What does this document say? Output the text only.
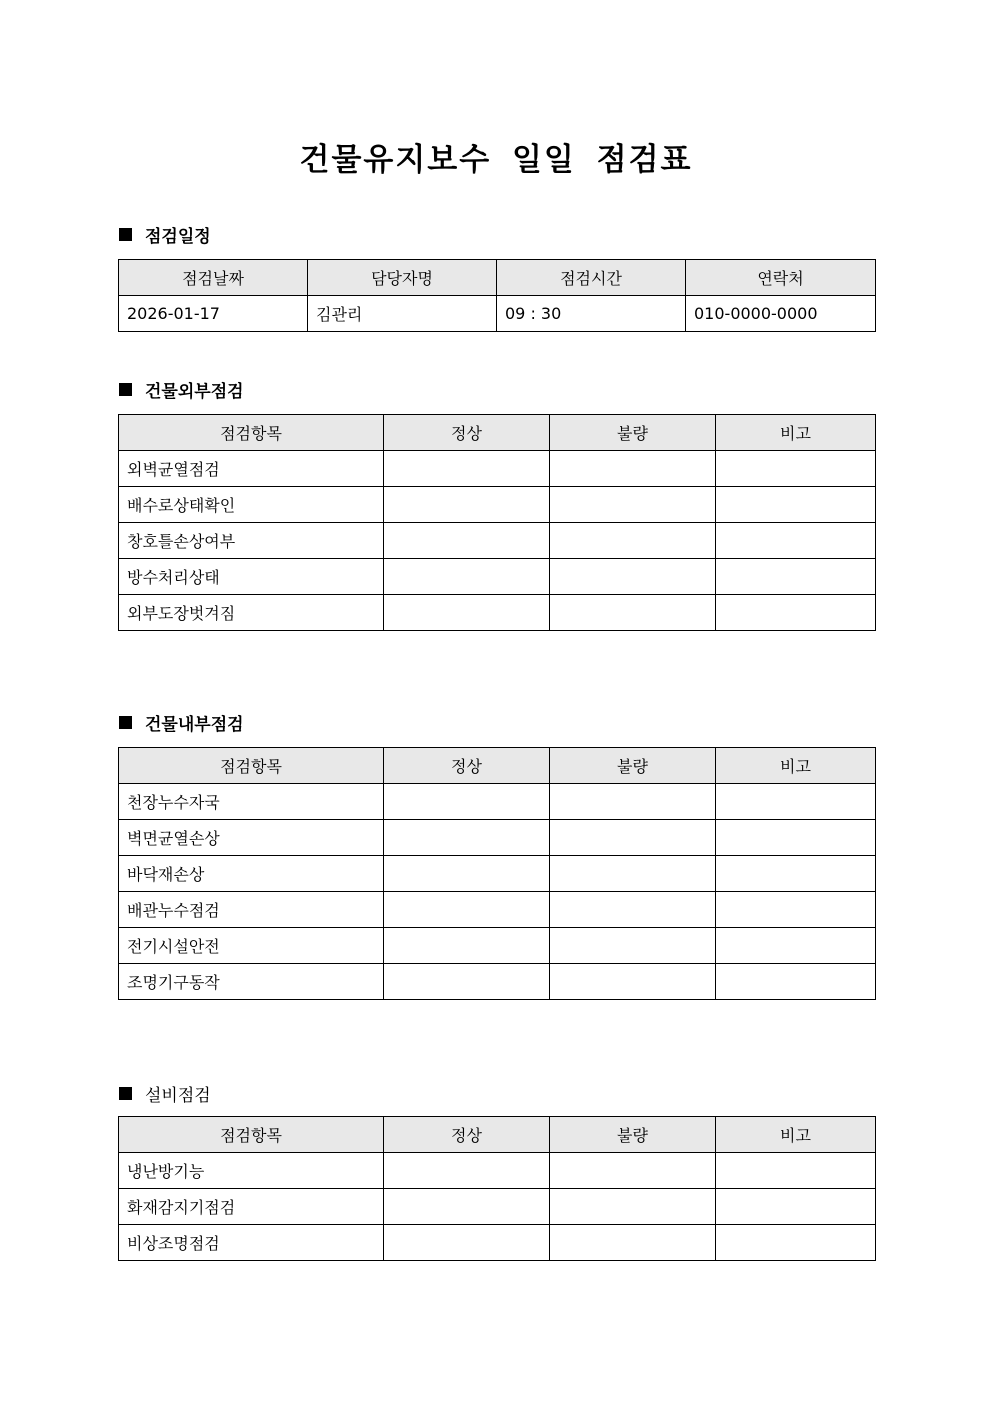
건물유지보수 일일 점검표
점검일정
점검날짜	담당자명	점검시간	연락처
2026-01-17	김관리	09 : 30	010-0000-0000
건물외부점검
점검항목	정상	불량	비고
외벽균열점검			
배수로상태확인			
창호틀손상여부			
방수처리상태			
외부도장벗겨짐			
건물내부점검
점검항목	정상	불량	비고
천장누수자국			
벽면균열손상			
바닥재손상			
배관누수점검			
전기시설안전			
조명기구동작			
설비점검
점검항목	정상	불량	비고
냉난방기능			
화재감지기점검			
비상조명점검			
